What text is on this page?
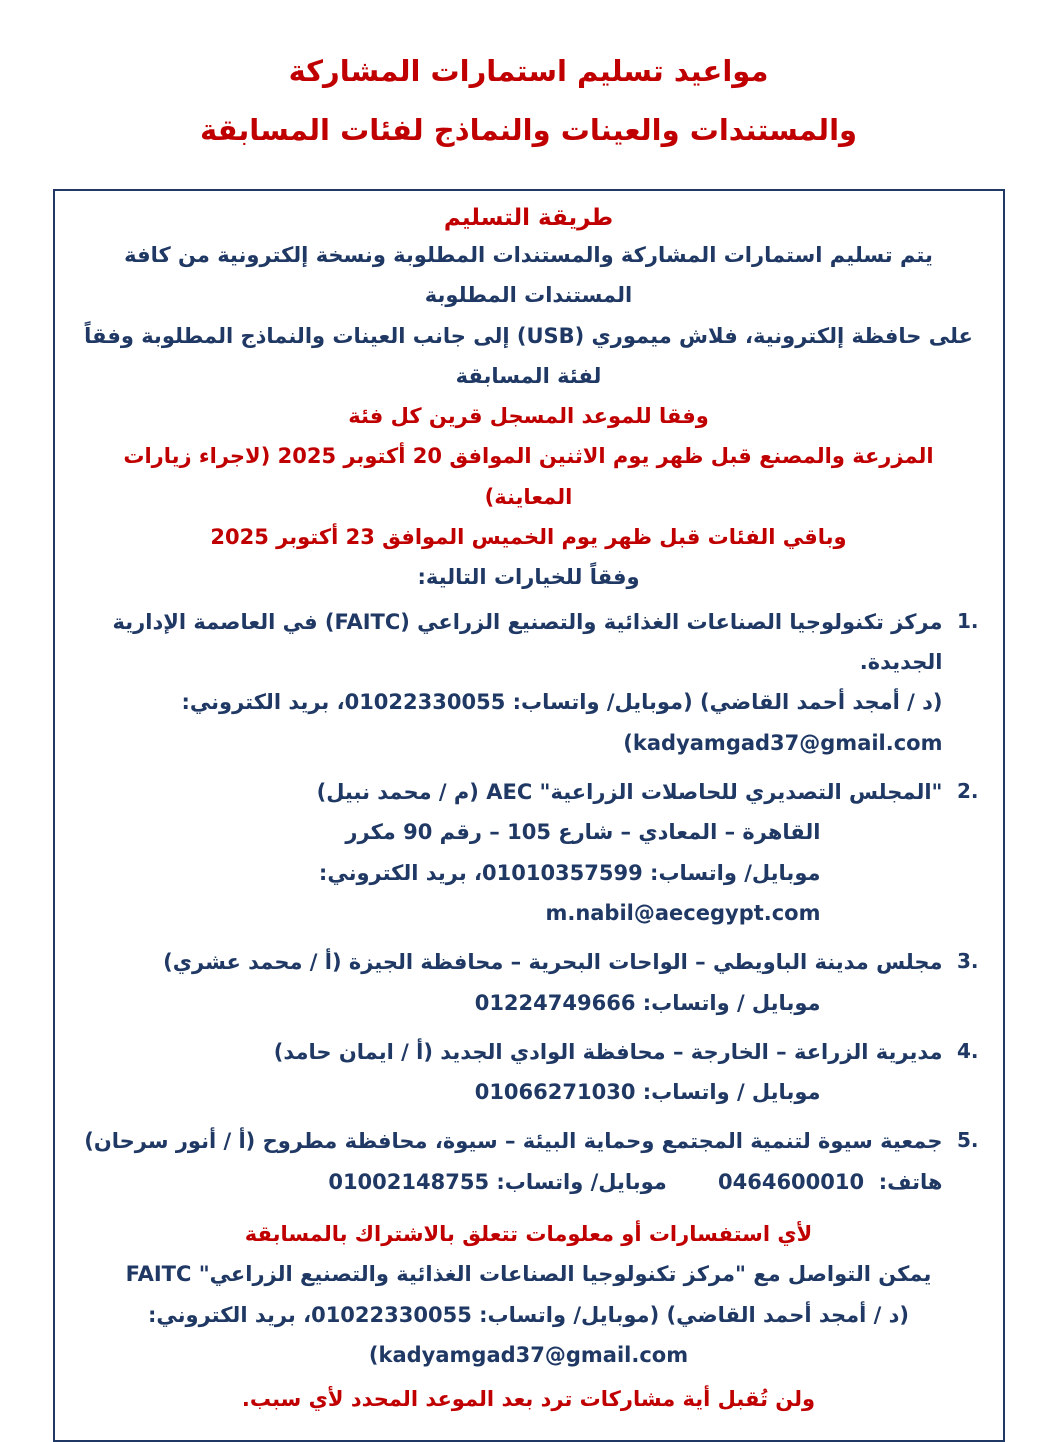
مواعيد تسليم استمارات المشاركة
والمستندات والعينات والنماذج لفئات المسابقة
طريقة التسليم

يتم تسليم استمارات المشاركة والمستندات المطلوبة ونسخة إلكترونية من كافة المستندات المطلوبة

على حافظة إلكترونية، فلاش ميموري (USB) إلى جانب العينات والنماذج المطلوبة وفقاً لفئة المسابقة

وفقا للموعد المسجل قرين كل فئة

المزرعة والمصنع قبل ظهر يوم الاثنين الموافق 20 أكتوبر 2025 (لاجراء زيارات المعاينة)

وباقي الفئات قبل ظهر يوم الخميس الموافق 23 أكتوبر 2025

وفقاً للخيارات التالية:

1.
مركز تكنولوجيا الصناعات الغذائية والتصنيع الزراعي (FAITC) في العاصمة الإدارية الجديدة.
(د / أمجد أحمد القاضي) (موبايل/ واتساب: 01022330055، بريد الكتروني: kadyamgad37@gmail.com)
2.
"المجلس التصديري للحاصلات الزراعية" AEC (م / محمد نبيل)
القاهرة – المعادي – شارع 105 – رقم 90 مكرر
موبايل/ واتساب: 01010357599، بريد الكتروني: m.nabil@aecegypt.com
3.
مجلس مدينة الباويطي – الواحات البحرية – محافظة الجيزة (أ / محمد عشري)
موبايل / واتساب: 01224749666
4.
مديرية الزراعة – الخارجة – محافظة الوادي الجديد (أ / ايمان حامد)
موبايل / واتساب: 01066271030
5.
جمعية سيوة لتنمية المجتمع وحماية البيئة – سيوة، محافظة مطروح (أ / أنور سرحان)
هاتف:  0464600010       موبايل/ واتساب: 01002148755

لأي استفسارات أو معلومات تتعلق بالاشتراك بالمسابقة

يمكن التواصل مع "مركز تكنولوجيا الصناعات الغذائية والتصنيع الزراعي" FAITC

(د / أمجد أحمد القاضي) (موبايل/ واتساب: 01022330055، بريد الكتروني: kadyamgad37@gmail.com)

ولن تُقبل أية مشاركات ترد بعد الموعد المحدد لأي سبب.
